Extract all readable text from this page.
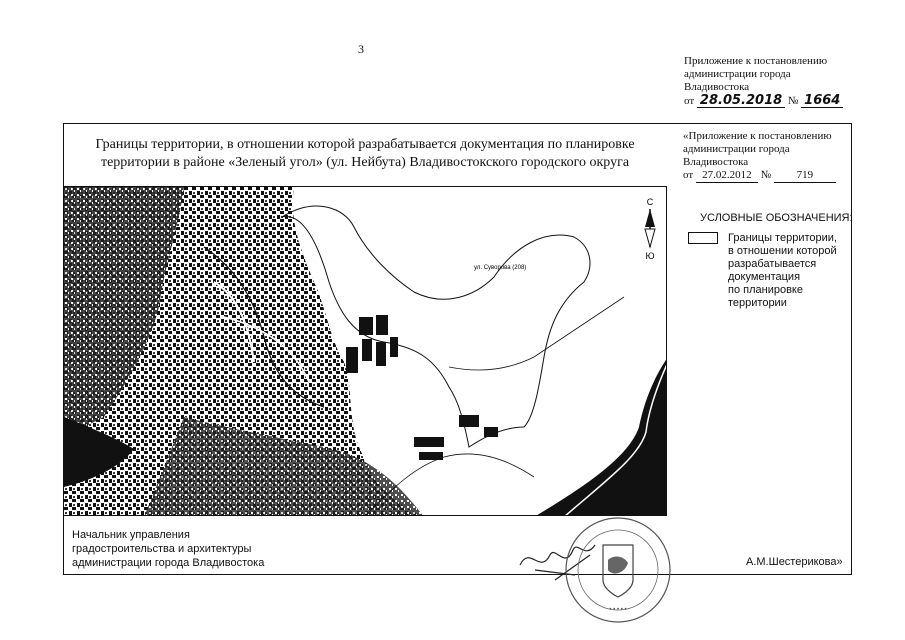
3
Приложение к постановлению
администрации города
Владивостока
от 28.05.2018 № 1664
Границы территории, в отношении которой разрабатывается документация по планировке
территории в районе «Зеленый угол» (ул. Нейбута) Владивостокского городского округа
«Приложение к постановлению
администрации города
Владивостока
от 27.02.2012 № 719
С
Ю
ул. Суворова (208)
УСЛОВНЫЕ ОБОЗНАЧЕНИЯ:
Границы территории,
в отношении которой
разрабатывается
документация
по планировке
территории
Начальник управления
градостроительства и архитектуры
администрации города Владивостока
• • • • •
А.М.Шестерикова»
